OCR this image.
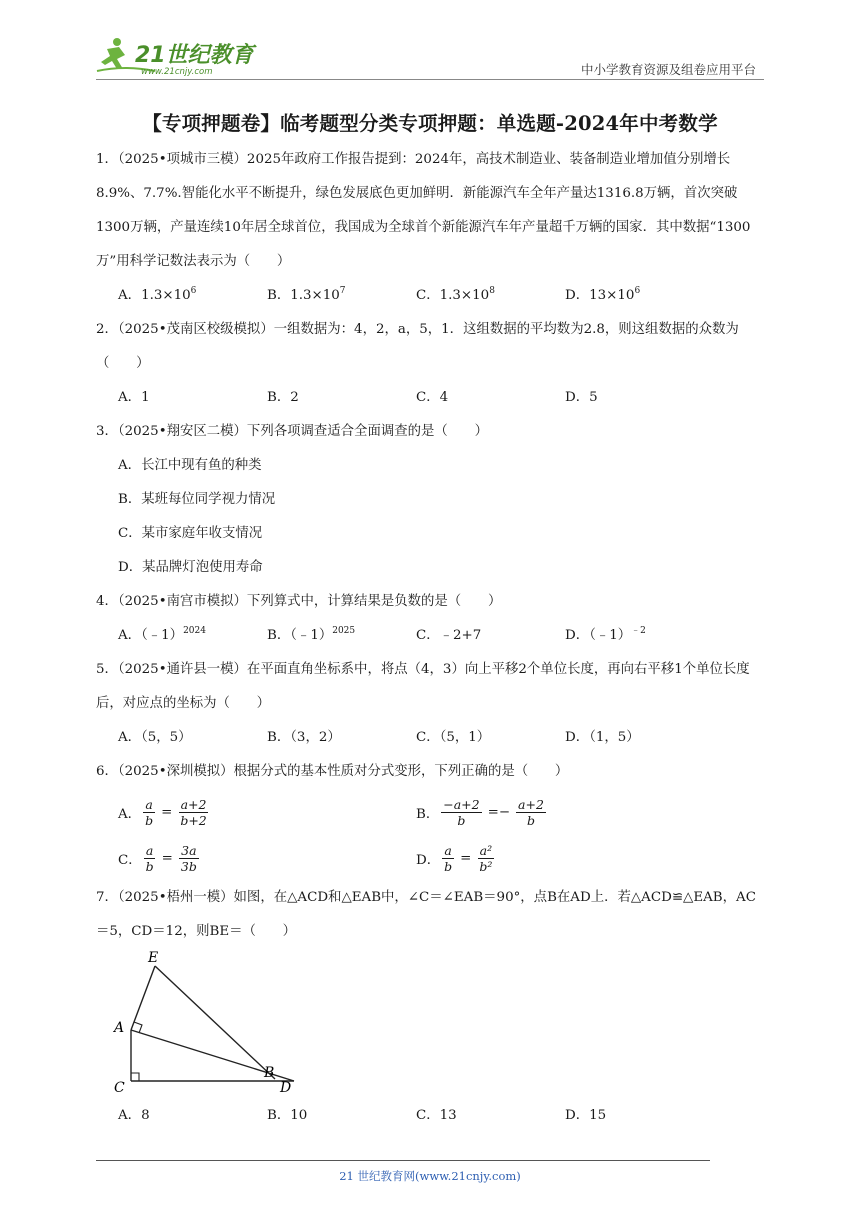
21世纪教育
www.21cnjy.com	中小学教育资源及组卷应用平台
【专项押题卷】临考题型分类专项押题：单选题-2024年中考数学
1．（2025•项城市三模）2025年政府工作报告提到：2024年，高技术制造业、装备制造业增加值分别增长8.9%、7.7%.智能化水平不断提升，绿色发展底色更加鲜明．新能源汽车全年产量达1316.8万辆，首次突破1300万辆，产量连续10年居全球首位，我国成为全球首个新能源汽车年产量超千万辆的国家．其中数据“1300万”用科学记数法表示为（　　）
A．$1.3\times 10^6$	B．$1.3\times 10^7$	C．$1.3\times 10^8$	D．$13\times 10^6$
2．（2025•茂南区校级模拟）一组数据为：4，2，a，5，1．这组数据的平均数为2.8，则这组数据的众数为（　　）
A．1	B．2	C．4	D．5
3．（2025•翔安区二模）下列各项调查适合全面调查的是（　　）
A．长江中现有鱼的种类
B．某班每位同学视力情况
C．某市家庭年收支情况
D．某品牌灯泡使用寿命
4．（2025•南宫市模拟）下列算式中，计算结果是负数的是（　　）
A．（﹣1）$^{2024}$	B．（﹣1）$^{2025}$	C．﹣2+7	D．（﹣1）$^{﹣2}$
5．（2025•通许县一模）在平面直角坐标系中，将点（4，3）向上平移2个单位长度，再向右平移1个单位长度后，对应点的坐标为（　　）
A．（5，5）	B．（3，2）	C．（5，1）	D．（1，5）
6．（2025•深圳模拟）根据分式的基本性质对分式变形，下列正确的是（　　）
A． $\frac{a}{b} = \frac{a+2}{b+2}$	B． $\frac{-a+2}{b} =- \frac{a+2}{b}$
C． $\frac{a}{b} = \frac{3a}{3b}$	D． $\frac{a}{b} = \frac{\text{a²}}{\text{b²}}$
7．（2025•梧州一模）如图，在△ACD和△EAB中，∠C＝∠EAB＝90°，点B在AD上．若△ACD≌△EAB，AC＝5，CD＝12，则BE＝（　　）
E
A
B
C	D
A．8	B．10	C．13	D．15
21 世纪教育网(www.21cnjy.com)
